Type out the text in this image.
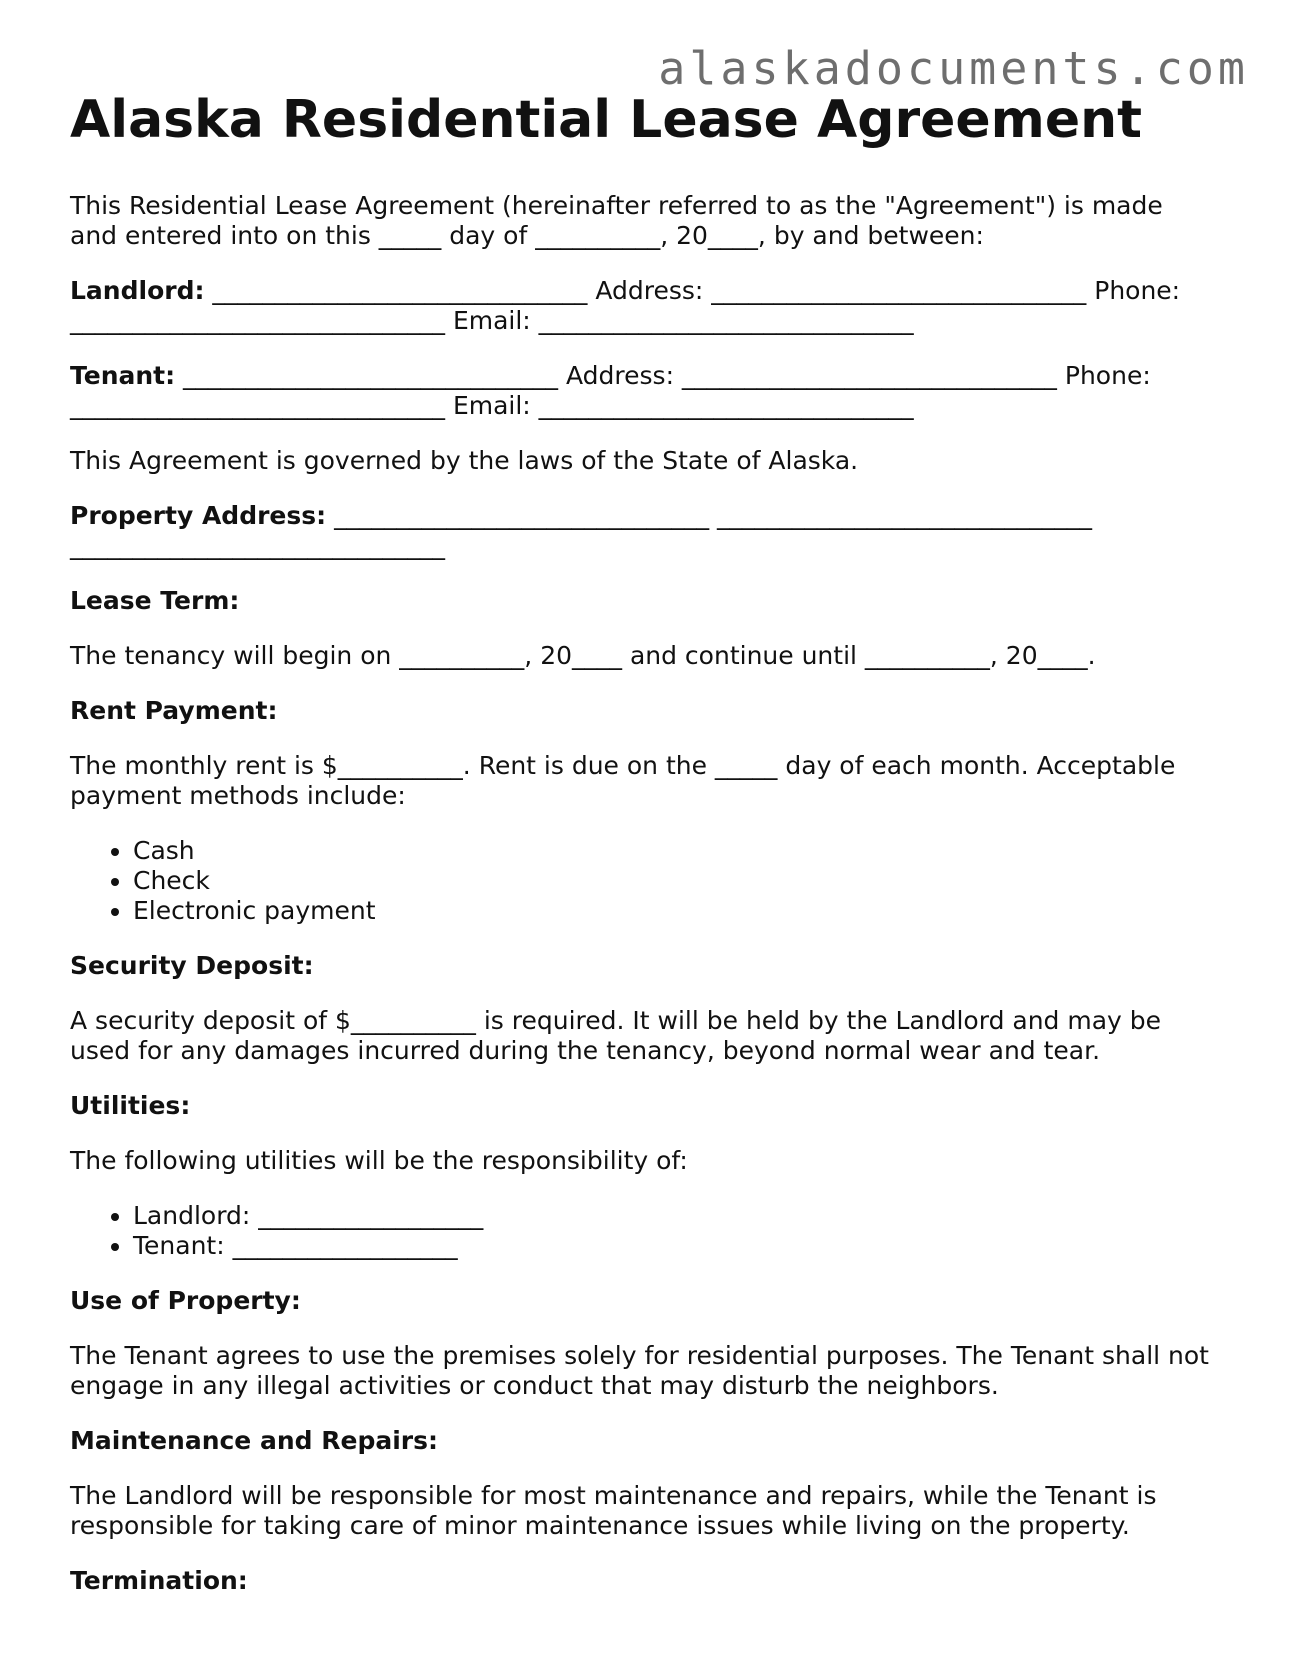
alaskadocuments.com
Alaska Residential Lease Agreement

This Residential Lease Agreement (hereinafter referred to as the "Agreement") is made
and entered into on this _____ day of __________, 20____, by and between:

Landlord: ______________________________ Address: ______________________________ Phone:
______________________________ Email: ______________________________

Tenant: ______________________________ Address: ______________________________ Phone:
______________________________ Email: ______________________________

This Agreement is governed by the laws of the State of Alaska.

Property Address: ______________________________ ______________________________
______________________________

Lease Term:

The tenancy will begin on __________, 20____ and continue until __________, 20____.

Rent Payment:

The monthly rent is $__________. Rent is due on the _____ day of each month. Acceptable
payment methods include:

• Cash
• Check
• Electronic payment

Security Deposit:

A security deposit of $__________ is required. It will be held by the Landlord and may be
used for any damages incurred during the tenancy, beyond normal wear and tear.

Utilities:

The following utilities will be the responsibility of:

• Landlord: __________________
• Tenant: __________________

Use of Property:

The Tenant agrees to use the premises solely for residential purposes. The Tenant shall not
engage in any illegal activities or conduct that may disturb the neighbors.

Maintenance and Repairs:

The Landlord will be responsible for most maintenance and repairs, while the Tenant is
responsible for taking care of minor maintenance issues while living on the property.

Termination:
